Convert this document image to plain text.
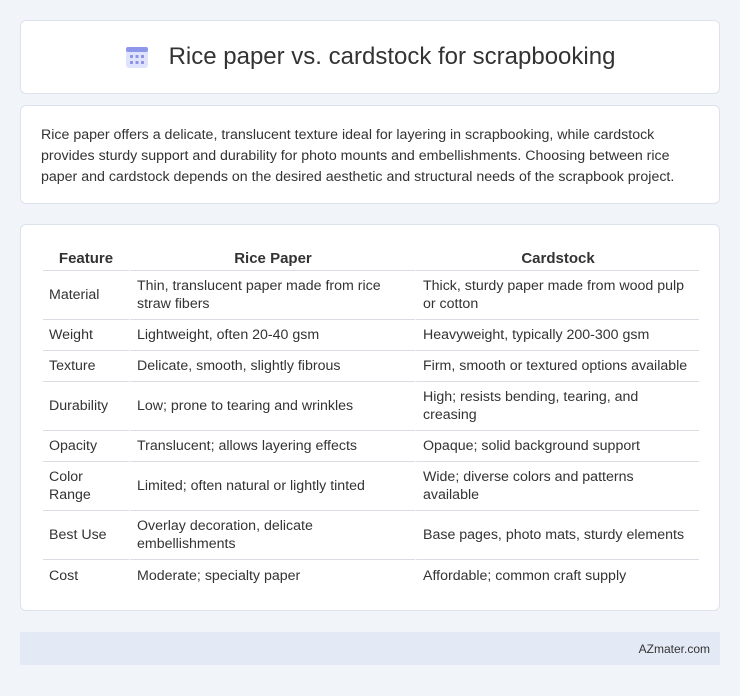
Rice paper vs. cardstock for scrapbooking

Rice paper offers a delicate, translucent texture ideal for layering in scrapbooking, while cardstock provides sturdy support and durability for photo mounts and embellishments. Choosing between rice paper and cardstock depends on the desired aesthetic and structural needs of the scrapbook project.

Feature	Rice Paper	Cardstock
Material	Thin, translucent paper made from rice straw fibers	Thick, sturdy paper made from wood pulp or cotton
Weight	Lightweight, often 20-40 gsm	Heavyweight, typically 200-300 gsm
Texture	Delicate, smooth, slightly fibrous	Firm, smooth or textured options available
Durability	Low; prone to tearing and wrinkles	High; resists bending, tearing, and creasing
Opacity	Translucent; allows layering effects	Opaque; solid background support
Color Range	Limited; often natural or lightly tinted	Wide; diverse colors and patterns available
Best Use	Overlay decoration, delicate embellishments	Base pages, photo mats, sturdy elements
Cost	Moderate; specialty paper	Affordable; common craft supply
AZmater.com
